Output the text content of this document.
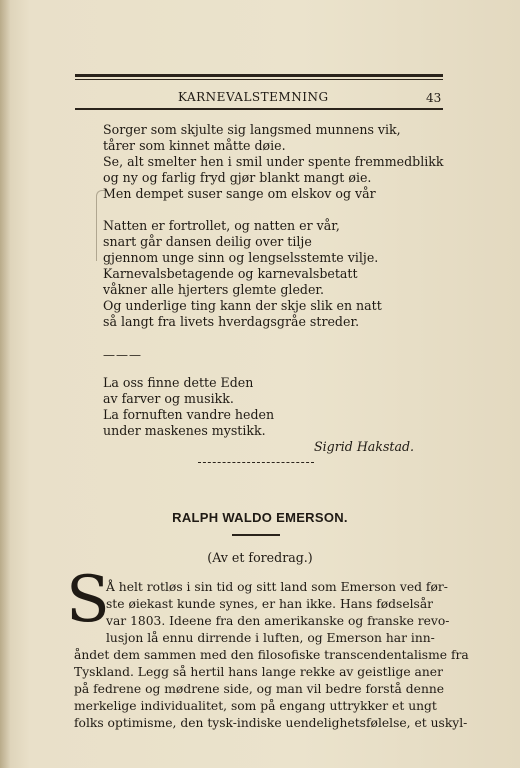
KARNEVALSTEMNING	43
Sorger som skjulte sig langsmed munnens vik,
tårer som kinnet måtte døie.
Se, alt smelter hen i smil under spente fremmedblikk
og ny og farlig fryd gjør blankt mangt øie.
Men dempet suser sange om elskov og vår
Natten er fortrollet, og natten er vår,
snart går dansen deilig over tilje
gjennom unge sinn og lengselsstemte vilje.
Karnevalsbetagende og karnevalsbetatt
våkner alle hjerters glemte gleder.
Og underlige ting kann der skje slik en natt
så langt fra livets hverdagsgråe streder.
———
La oss finne dette Eden
av farver og musikk.
La fornuften vandre heden
under maskenes mystikk.
Sigrid Hakstad.
RALPH WALDO EMERSON.
(Av et foredrag.)
S
Å helt rotløs i sin tid og sitt land som Emerson ved før-
ste øiekast kunde synes, er han ikke. Hans fødselsår
var 1803. Ideene fra den amerikanske og franske revo-
lusjon lå ennu dirrende i luften, og Emerson har inn-
åndet dem sammen med den filosofiske transcendentalisme fra
Tyskland. Legg så hertil hans lange rekke av geistlige aner
på fedrene og mødrene side, og man vil bedre forstå denne
merkelige individualitet, som på engang uttrykker et ungt
folks optimisme, den tysk-indiske uendelighetsfølelse, et uskyl-
